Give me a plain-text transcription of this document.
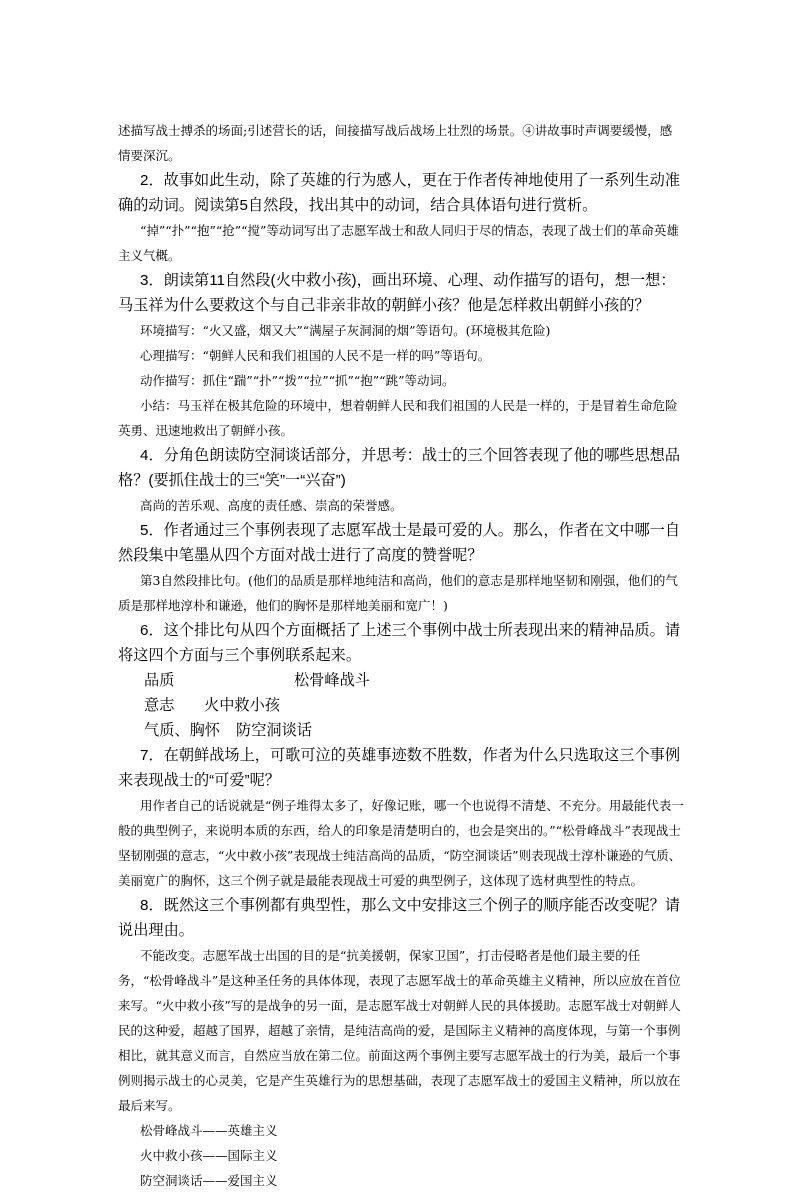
述描写战士搏杀的场面;引述营长的话，间接描写战后战场上壮烈的场景。④讲故事时声调要缓慢，感情要深沉。

2．故事如此生动，除了英雄的行为感人，更在于作者传神地使用了一系列生动准确的动词。阅读第5自然段，找出其中的动词，结合具体语句进行赏析。

“掉”“扑”“抱”“抢”“搅”等动词写出了志愿军战士和敌人同归于尽的情态，表现了战士们的革命英雄主义气概。

3．朗读第11自然段(火中救小孩)，画出环境、心理、动作描写的语句，想一想：马玉祥为什么要救这个与自己非亲非故的朝鲜小孩？他是怎样救出朝鲜小孩的？

环境描写：“火又盛，烟又大”“满屋子灰洞洞的烟”等语句。(环境极其危险)

心理描写：“朝鲜人民和我们祖国的人民不是一样的吗”等语句。

动作描写：抓住“踹”“扑”“拨”“拉”“抓”“抱”“跳”等动词。

小结：马玉祥在极其危险的环境中，想着朝鲜人民和我们祖国的人民是一样的，于是冒着生命危险英勇、迅速地救出了朝鲜小孩。

4．分角色朗读防空洞谈话部分，并思考：战士的三个回答表现了他的哪些思想品格？(要抓住战士的三“笑”一“兴奋”)

高尚的苦乐观、高度的责任感、崇高的荣誉感。

5．作者通过三个事例表现了志愿军战士是最可爱的人。那么，作者在文中哪一自然段集中笔墨从四个方面对战士进行了高度的赞誉呢？

第3自然段排比句。(他们的品质是那样地纯洁和高尚，他们的意志是那样地坚韧和刚强，他们的气质是那样地淳朴和谦逊，他们的胸怀是那样地美丽和宽广！)

6．这个排比句从四个方面概括了上述三个事例中战士所表现出来的精神品质。请将这四个方面与三个事例联系起来。

品质	松骨峰战斗
意志 火中救小孩
气质、胸怀 防空洞谈话

7．在朝鲜战场上，可歌可泣的英雄事迹数不胜数，作者为什么只选取这三个事例来表现战士的“可爱”呢？

用作者自己的话说就是“例子堆得太多了，好像记账，哪一个也说得不清楚、不充分。用最能代表一般的典型例子，来说明本质的东西，给人的印象是清楚明白的，也会是突出的。”“松骨峰战斗”表现战士坚韧刚强的意志，“火中救小孩”表现战士纯洁高尚的品质，“防空洞谈话”则表现战士淳朴谦逊的气质、美丽宽广的胸怀，这三个例子就是最能表现战士可爱的典型例子，这体现了选材典型性的特点。

8．既然这三个事例都有典型性，那么文中安排这三个例子的顺序能否改变呢？请说出理由。

不能改变。志愿军战士出国的目的是“抗美援朝，保家卫国”，打击侵略者是他们最主要的任务，“松骨峰战斗”是这种圣任务的具体体现，表现了志愿军战士的革命英雄主义精神，所以应放在首位来写。“火中救小孩”写的是战争的另一面，是志愿军战士对朝鲜人民的具体援助。志愿军战士对朝鲜人民的这种爱，超越了国界，超越了亲情，是纯洁高尚的爱，是国际主义精神的高度体现，与第一个事例相比，就其意义而言，自然应当放在第二位。前面这两个事例主要写志愿军战士的行为美，最后一个事例则揭示战士的心灵美，它是产生英雄行为的思想基础，表现了志愿军战士的爱国主义精神，所以放在最后来写。

松骨峰战斗——英雄主义

火中救小孩——国际主义

防空洞谈话——爱国主义
